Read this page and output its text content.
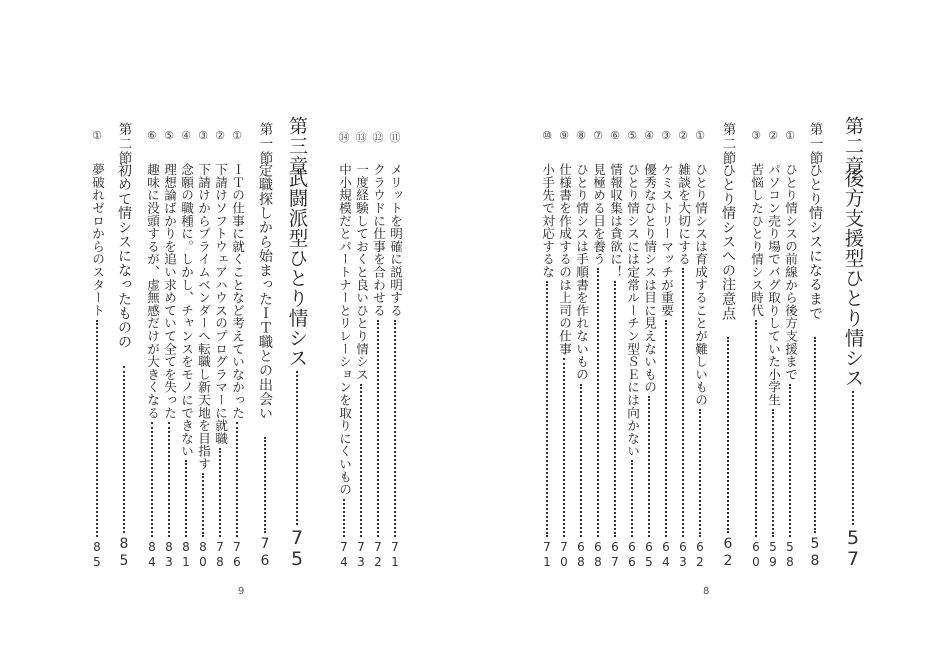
第二章
後方支援型ひとり情シス
57
第一節
ひとり情シスになるまで
58
①
ひとり情シスの前線から後方支援まで
58
②
パソコン売り場でバグ取りしていた小学生
59
③
苦悩したひとり情シス時代
60
第二節
ひとり情シスへの注意点
62
①
ひとり情シスは育成することが難しいもの
62
②
雑談を大切にする
63
③
ケミストリーマッチが重要
64
④
優秀なひとり情シスは目に見えないもの
65
⑤
ひとり情シスには定常ルーチン型ＳＥには向かない
66
⑥
情報収集は貪欲に！
67
⑦
見極める目を養う
68
⑧
ひとり情シスは手順書を作れないもの
68
⑨
仕様書を作成するのは上司の仕事
70
⑩
小手先で対応するな
71
⑪
メリットを明確に説明する
71
⑫
クラウドに仕事を合わせる
72
⑬
一度経験しておくと良いひとり情シス
73
⑭
中小規模だとパートナーとリレーションを取りにくいもの
74
第三章
武闘派型ひとり情シス
75
第一節
定職探しから始まったＩＴ職との出会い
76
①
ＩＴの仕事に就くことなど考えていなかった
76
②
下請けソフトウェアハウスのプログラマーに就職
78
③
下請けからプライムベンダーへ転職し新天地を目指す
80
④
念願の職種に。しかし、チャンスをモノにできない
81
⑤
理想論ばかりを追い求めていて全てを失った
83
⑥
趣味に没頭するが、虚無感だけが大きくなる
84
第二節
初めて情シスになったものの
85
①
夢破れゼロからのスタート
85
9	8
